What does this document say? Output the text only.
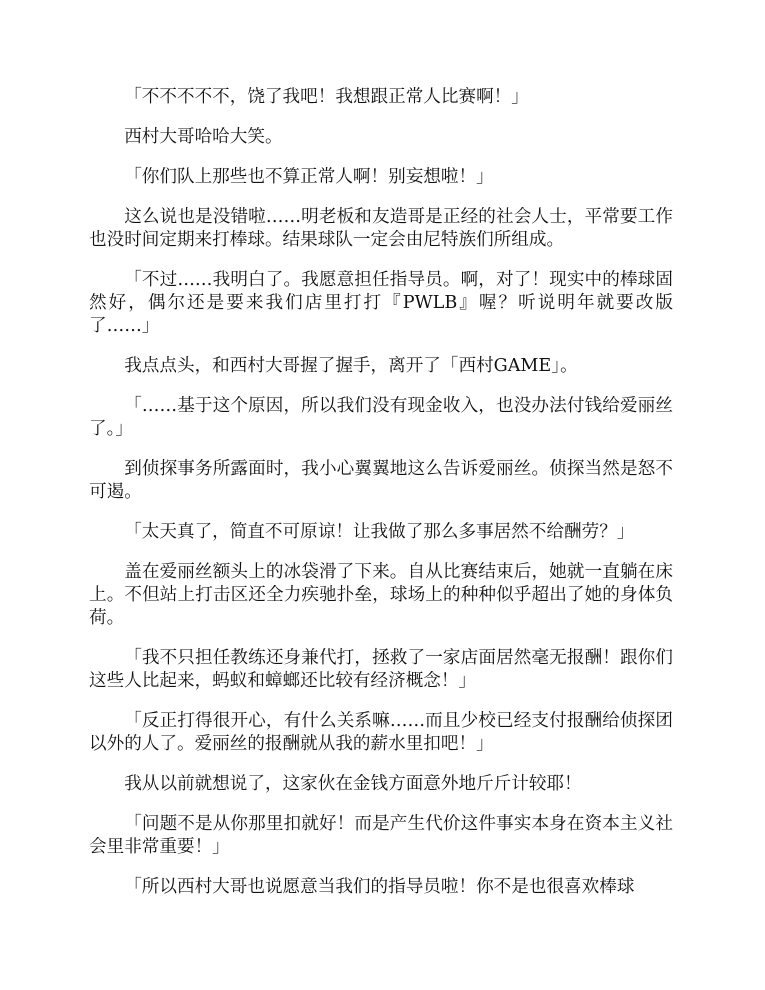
「不不不不不，饶了我吧！我想跟正常人比赛啊！」

西村大哥哈哈大笑。

「你们队上那些也不算正常人啊！别妄想啦！」

这么说也是没错啦……明老板和友造哥是正经的社会人士，平常要工作也没时间定期来打棒球。结果球队一定会由尼特族们所组成。

「不过……我明白了。我愿意担任指导员。啊，对了！现实中的棒球固然好，偶尔还是要来我们店里打打『PWLB』喔？听说明年就要改版了……」

我点点头，和西村大哥握了握手，离开了「西村GAME」。

「……基于这个原因，所以我们没有现金收入，也没办法付钱给爱丽丝了。」

到侦探事务所露面时，我小心翼翼地这么告诉爱丽丝。侦探当然是怒不可遏。

「太天真了，简直不可原谅！让我做了那么多事居然不给酬劳？」

盖在爱丽丝额头上的冰袋滑了下来。自从比赛结束后，她就一直躺在床上。不但站上打击区还全力疾驰扑垒，球场上的种种似乎超出了她的身体负荷。

「我不只担任教练还身兼代打，拯救了一家店面居然毫无报酬！跟你们这些人比起来，蚂蚁和蟑螂还比较有经济概念！」

「反正打得很开心，有什么关系嘛……而且少校已经支付报酬给侦探团以外的人了。爱丽丝的报酬就从我的薪水里扣吧！」

我从以前就想说了，这家伙在金钱方面意外地斤斤计较耶！

「问题不是从你那里扣就好！而是产生代价这件事实本身在资本主义社会里非常重要！」

「所以西村大哥也说愿意当我们的指导员啦！你不是也很喜欢棒球
